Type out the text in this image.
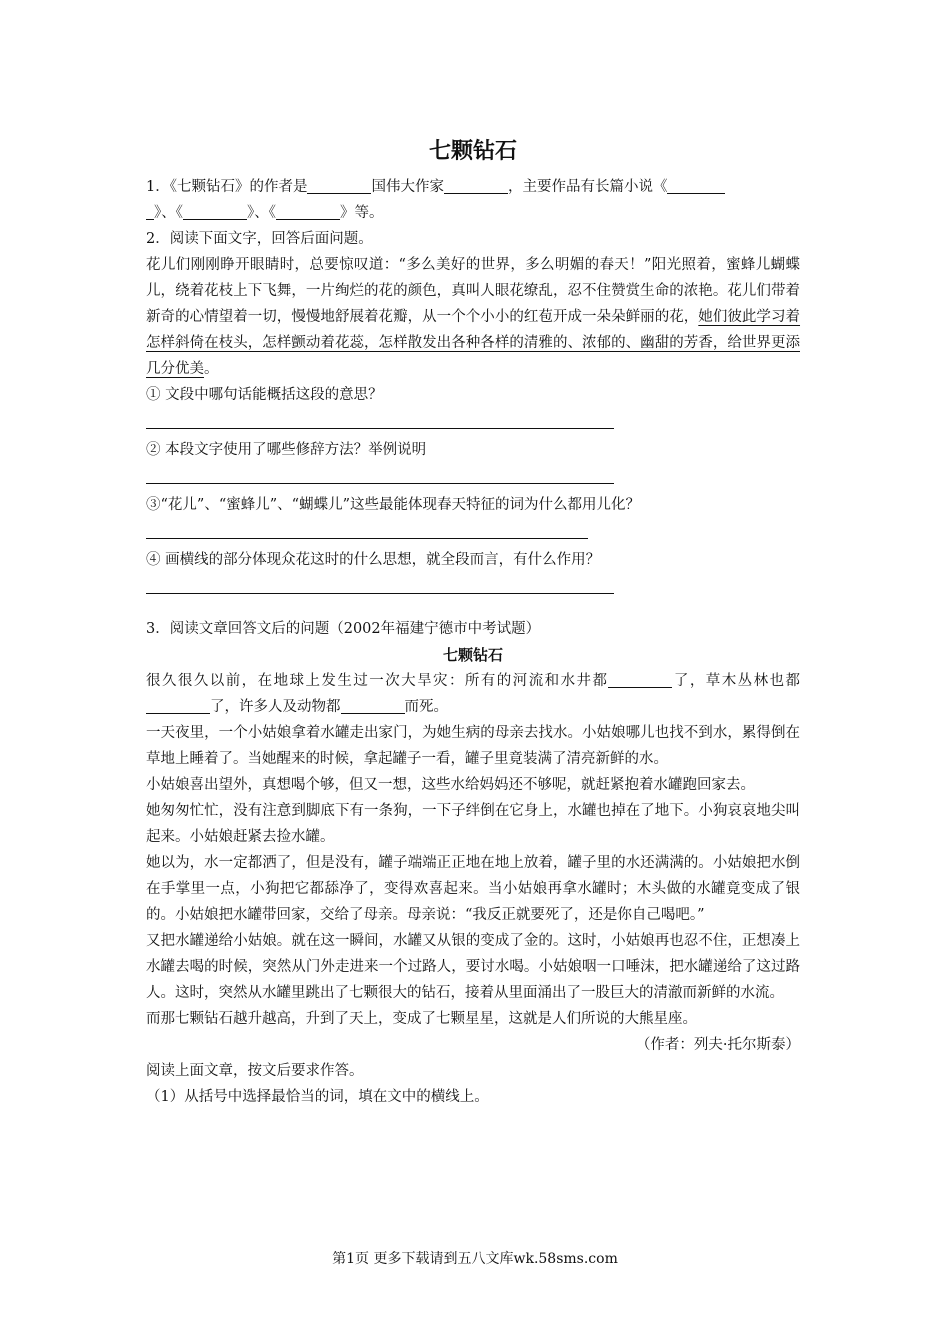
七颗钻石

1．《七颗钻石》的作者是	国伟大作家	，主要作品有长篇小说《
》、《	》、《	》等。

2．阅读下面文字，回答后面问题。

花儿们刚刚睁开眼睛时，总要惊叹道：“多么美好的世界，多么明媚的春天！”阳光照着，蜜蜂儿蝴蝶儿，绕着花枝上下飞舞，一片绚烂的花的颜色，真叫人眼花缭乱，忍不住赞赏生命的浓艳。花儿们带着新奇的心情望着一切，慢慢地舒展着花瓣，从一个个小小的红苞开成一朵朵鲜丽的花，她们彼此学习着怎样斜倚在枝头，怎样颤动着花蕊，怎样散发出各种各样的清雅的、浓郁的、幽甜的芳香，给世界更添几分优美。

① 文段中哪句话能概括这段的意思？

② 本段文字使用了哪些修辞方法？举例说明

③“花儿”、“蜜蜂儿”、“蝴蝶儿”这些最能体现春天特征的词为什么都用儿化？

④ 画横线的部分体现众花这时的什么思想，就全段而言，有什么作用？

3．阅读文章回答文后的问题（2002年福建宁德市中考试题）

七颗钻石

很久很久以前，在地球上发生过一次大旱灾：所有的河流和水井都	了，草木丛林也都了，许多人及动物都	而死。

一天夜里，一个小姑娘拿着水罐走出家门，为她生病的母亲去找水。小姑娘哪儿也找不到水，累得倒在草地上睡着了。当她醒来的时候，拿起罐子一看，罐子里竟装满了清亮新鲜的水。

小姑娘喜出望外，真想喝个够，但又一想，这些水给妈妈还不够呢，就赶紧抱着水罐跑回家去。

她匆匆忙忙，没有注意到脚底下有一条狗，一下子绊倒在它身上，水罐也掉在了地下。小狗哀哀地尖叫起来。小姑娘赶紧去捡水罐。

她以为，水一定都洒了，但是没有，罐子端端正正地在地上放着，罐子里的水还满满的。小姑娘把水倒在手掌里一点，小狗把它都舔净了，变得欢喜起来。当小姑娘再拿水罐时；木头做的水罐竟变成了银的。小姑娘把水罐带回家，交给了母亲。母亲说：“我反正就要死了，还是你自己喝吧。”

又把水罐递给小姑娘。就在这一瞬间，水罐又从银的变成了金的。这时，小姑娘再也忍不住，正想凑上水罐去喝的时候，突然从门外走进来一个过路人，要讨水喝。小姑娘咽一口唾沫，把水罐递给了这过路人。这时，突然从水罐里跳出了七颗很大的钻石，接着从里面涌出了一股巨大的清澈而新鲜的水流。

而那七颗钻石越升越高，升到了天上，变成了七颗星星，这就是人们所说的大熊星座。

（作者：列夫·托尔斯泰）

阅读上面文章，按文后要求作答。

（1）从括号中选择最恰当的词，填在文中的横线上。

第1页 更多下载请到五八文库wk.58sms.com
